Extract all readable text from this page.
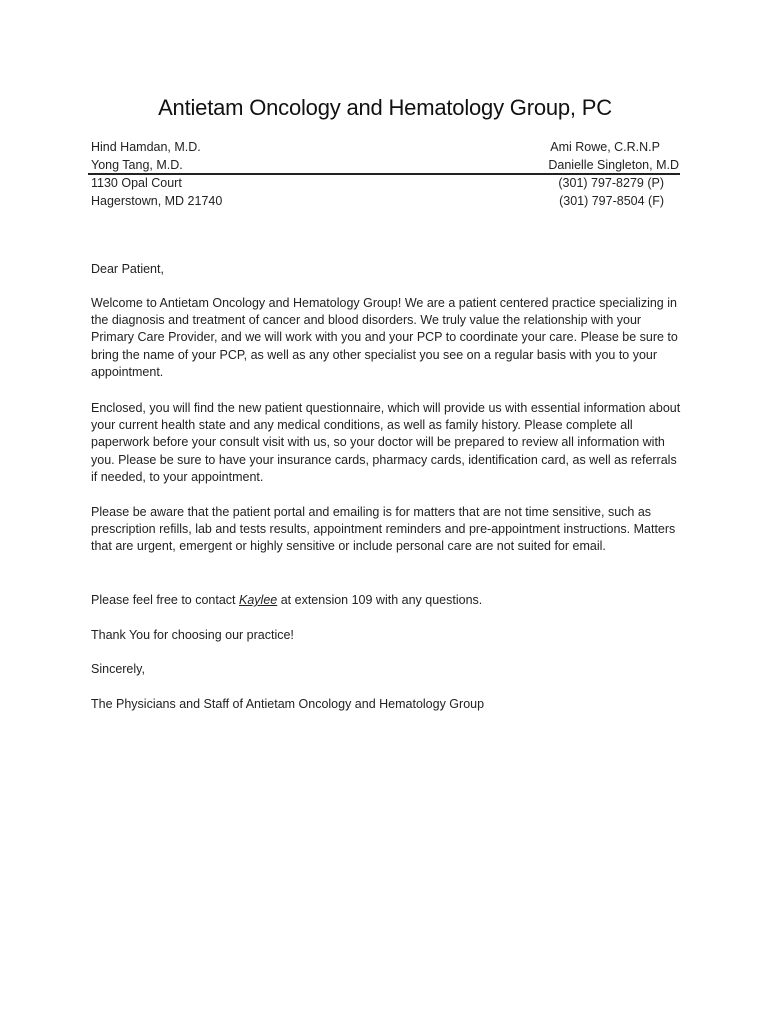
Antietam Oncology and Hematology Group, PC
Hind Hamdan, M.D.
Yong Tang, M.D.
1130 Opal Court
Hagerstown, MD 21740
Ami Rowe, C.R.N.P
Danielle Singleton, M.D
(301) 797-8279 (P)
(301) 797-8504 (F)

Dear Patient,

Welcome to Antietam Oncology and Hematology Group! We are a patient centered practice specializing in the diagnosis and treatment of cancer and blood disorders. We truly value the relationship with your Primary Care Provider, and we will work with you and your PCP to coordinate your care. Please be sure to bring the name of your PCP, as well as any other specialist you see on a regular basis with you to your appointment.

Enclosed, you will find the new patient questionnaire, which will provide us with essential information about your current health state and any medical conditions, as well as family history. Please complete all paperwork before your consult visit with us, so your doctor will be prepared to review all information with you. Please be sure to have your insurance cards, pharmacy cards, identification card, as well as referrals if needed, to your appointment.

Please be aware that the patient portal and emailing is for matters that are not time sensitive, such as prescription refills, lab and tests results, appointment reminders and pre-appointment instructions. Matters that are urgent, emergent or highly sensitive or include personal care are not suited for email.

Please feel free to contact Kaylee at extension 109 with any questions.

Thank You for choosing our practice!

Sincerely,

The Physicians and Staff of Antietam Oncology and Hematology Group
